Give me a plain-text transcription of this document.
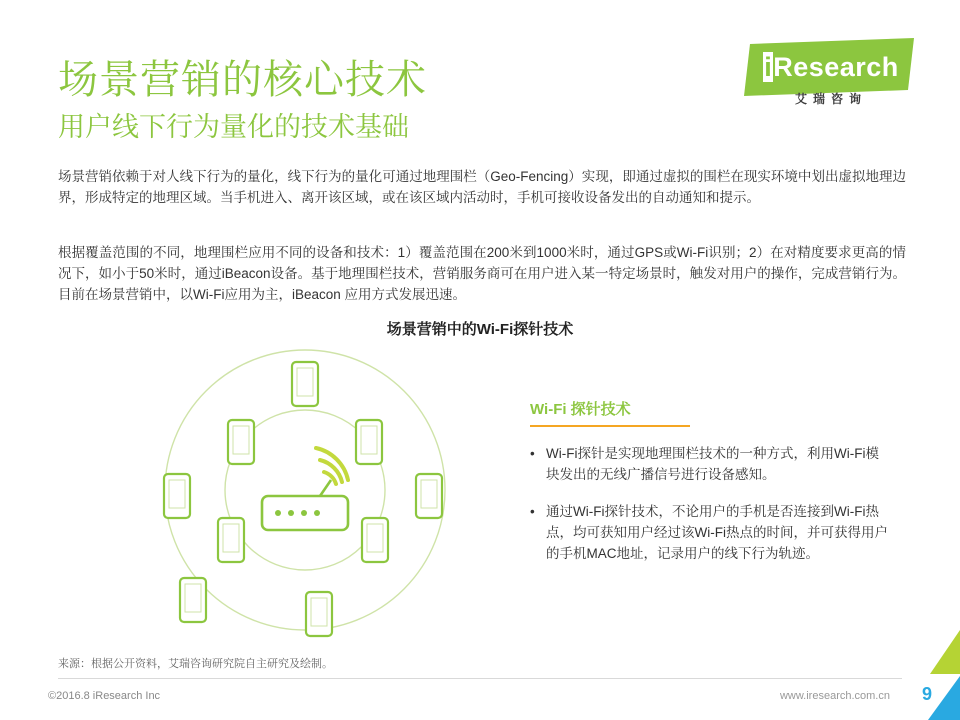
iResearch
艾瑞咨询
场景营销的核心技术
用户线下行为量化的技术基础
场景营销依赖于对人线下行为的量化，线下行为的量化可通过地理围栏（Geo-Fencing）实现，即通过虚拟的围栏在现实环境中划出虚拟地理边界，形成特定的地理区域。当手机进入、离开该区域，或在该区域内活动时，手机可接收设备发出的自动通知和提示。
根据覆盖范围的不同，地理围栏应用不同的设备和技术：1）覆盖范围在200米到1000米时，通过GPS或Wi-Fi识别；2）在对精度要求更高的情况下，如小于50米时，通过iBeacon设备。基于地理围栏技术，营销服务商可在用户进入某一特定场景时，触发对用户的操作，完成营销行为。目前在场景营销中，以Wi-Fi应用为主，iBeacon 应用方式发展迅速。
场景营销中的Wi-Fi探针技术
Wi-Fi 探针技术
• Wi-Fi探针是实现地理围栏技术的一种方式，利用Wi-Fi模块发出的无线广播信号进行设备感知。
• 通过Wi-Fi探针技术，不论用户的手机是否连接到Wi-Fi热点，均可获知用户经过该Wi-Fi热点的时间，并可获得用户的手机MAC地址，记录用户的线下行为轨迹。
来源：根据公开资料，艾瑞咨询研究院自主研究及绘制。
©2016.8 iResearch Inc	www.iresearch.com.cn 9
